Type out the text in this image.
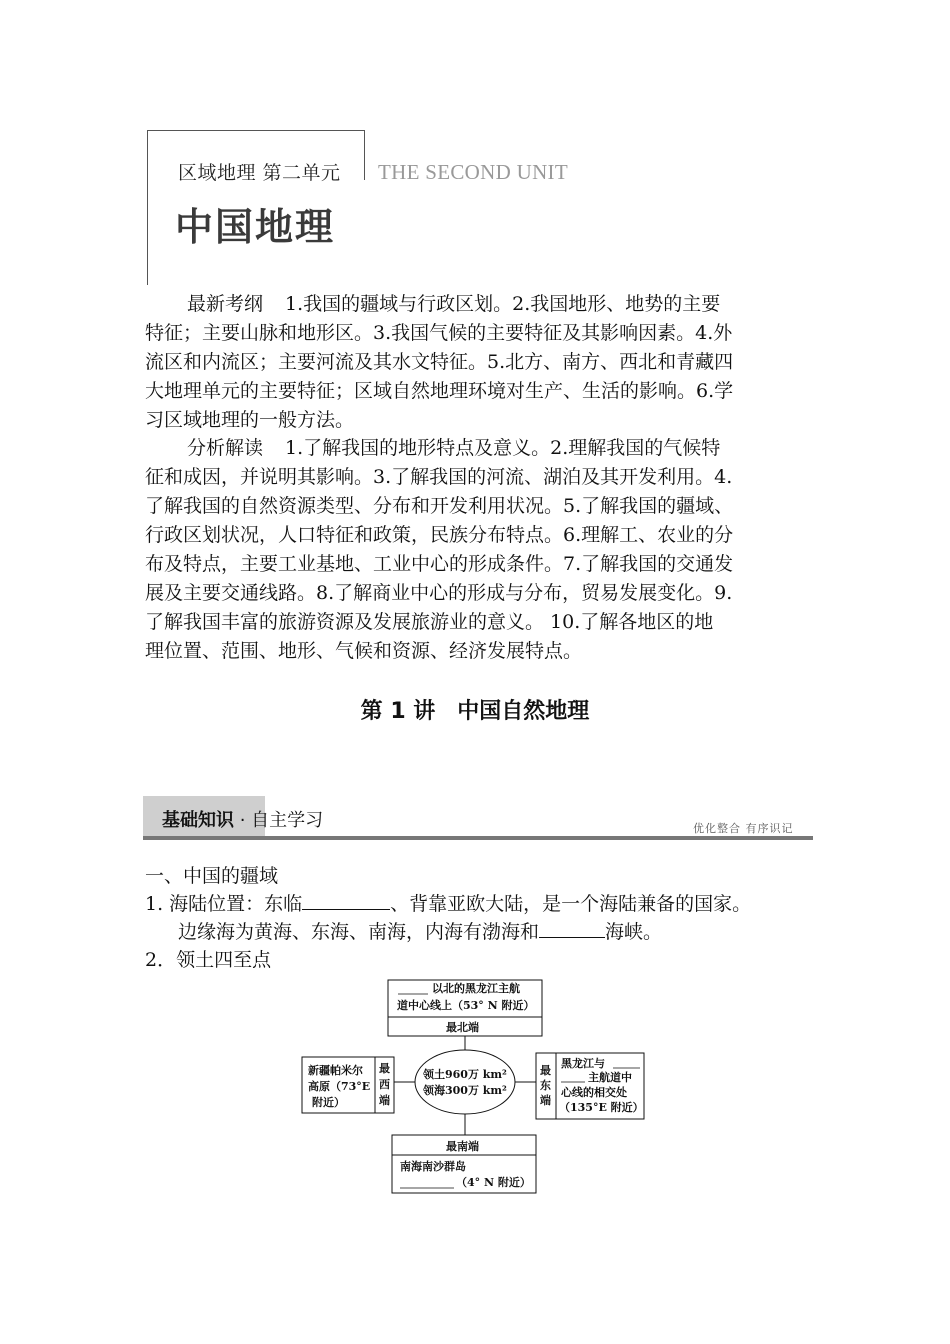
区域地理 第二单元 THE SECOND UNIT
中国地理
最新考纲 1.我国的疆域与行政区划。2.我国地形、地势的主要
特征；主要山脉和地形区。3.我国气候的主要特征及其影响因素。4.外
流区和内流区；主要河流及其水文特征。5.北方、南方、西北和青藏四
大地理单元的主要特征；区域自然地理环境对生产、生活的影响。6.学
习区域地理的一般方法。
分析解读 1.了解我国的地形特点及意义。2.理解我国的气候特
征和成因，并说明其影响。3.了解我国的河流、湖泊及其开发利用。4.
了解我国的自然资源类型、分布和开发利用状况。5.了解我国的疆域、
行政区划状况，人口特征和政策，民族分布特点。6.理解工、农业的分
布及特点，主要工业基地、工业中心的形成条件。7.了解我国的交通发
展及主要交通线路。8.了解商业中心的形成与分布，贸易发展变化。9.
了解我国丰富的旅游资源及发展旅游业的意义。 10.了解各地区的地
理位置、范围、地形、气候和资源、经济发展特点。
第 1 讲　中国自然地理
基础知识 · 自主学习	优化整合 有序识记
一、中国的疆域
1. 海陆位置：东临	、背靠亚欧大陆，是一个海陆兼备的国家。
边缘海为黄海、东海、南海，内海有渤海和	海峡。
2．领土四至点
以北的黑龙江主航
道中心线上（53° N 附近）
最北端
领土960万 km²
领海300万 km²
新疆帕米尔
高原（73°E
附近）
最
西
端
最
东
端
黑龙江与
主航道中
心线的相交处
（135°E 附近）
最南端
南海南沙群岛
（4° N 附近）
